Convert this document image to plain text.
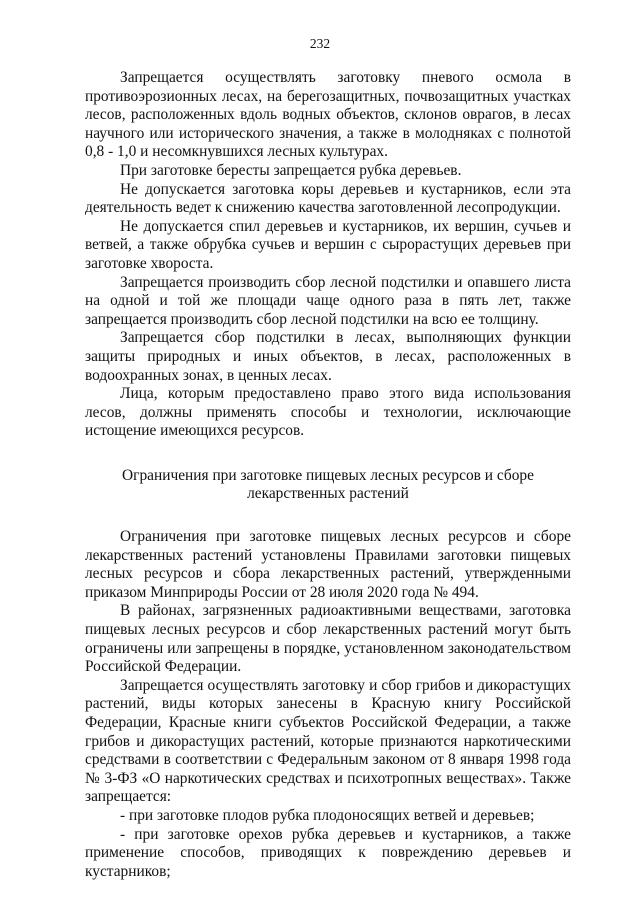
232

Запрещается осуществлять заготовку пневого осмола в противоэрозионных лесах, на берегозащитных, почвозащитных участках лесов, расположенных вдоль водных объектов, склонов оврагов, в лесах научного или исторического значения, а также в молодняках с полнотой 0,8 - 1,0 и несомкнувшихся лесных культурах.

При заготовке бересты запрещается рубка деревьев.

Не допускается заготовка коры деревьев и кустарников, если эта деятельность ведет к снижению качества заготовленной лесопродукции.

Не допускается спил деревьев и кустарников, их вершин, сучьев и ветвей, а также обрубка сучьев и вершин с сырорастущих деревьев при заготовке хвороста.

Запрещается производить сбор лесной подстилки и опавшего листа на одной и той же площади чаще одного раза в пять лет, также запрещается производить сбор лесной подстилки на всю ее толщину.

Запрещается сбор подстилки в лесах, выполняющих функции защиты природных и иных объектов, в лесах, расположенных в водоохранных зонах, в ценных лесах.

Лица, которым предоставлено право этого вида использования лесов, должны применять способы и технологии, исключающие истощение имеющихся ресурсов.

Ограничения при заготовке пищевых лесных ресурсов и сборе лекарственных растений

Ограничения при заготовке пищевых лесных ресурсов и сборе лекарственных растений установлены Правилами заготовки пищевых лесных ресурсов и сбора лекарственных растений, утвержденными приказом Минприроды России от 28 июля 2020 года № 494.

В районах, загрязненных радиоактивными веществами, заготовка пищевых лесных ресурсов и сбор лекарственных растений могут быть ограничены или запрещены в порядке, установленном законодательством Российской Федерации.

Запрещается осуществлять заготовку и сбор грибов и дикорастущих растений, виды которых занесены в Красную книгу Российской Федерации, Красные книги субъектов Российской Федерации, а также грибов и дикорастущих растений, которые признаются наркотическими средствами в соответствии с Федеральным законом от 8 января 1998 года № 3-ФЗ «О наркотических средствах и психотропных веществах». Также запрещается:

- при заготовке плодов рубка плодоносящих ветвей и деревьев;

- при заготовке орехов рубка деревьев и кустарников, а также применение способов, приводящих к повреждению деревьев и кустарников;
